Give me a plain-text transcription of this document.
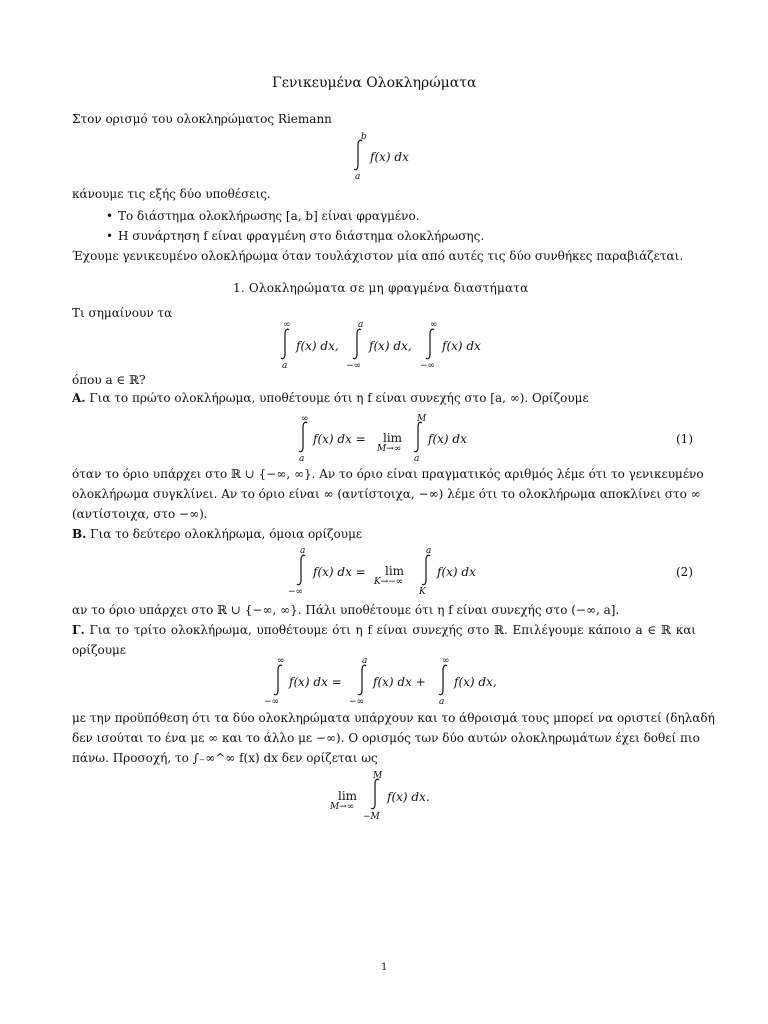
Γενικευμένα Ολοκληρώματα
Στον ορισμό του ολοκληρώματος Riemann
b
a
f(x) dx
κάνουμε τις εξής δύο υποθέσεις.
• Το διάστημα ολοκλήρωσης [a, b] είναι φραγμένο.
• Η συνάρτηση f είναι φραγμένη στο διάστημα ολοκλήρωσης.
Έχουμε γενικευμένο ολοκλήρωμα όταν τουλάχιστον μία από αυτές τις δύο συνθήκες παραβιάζεται.
1. Ολοκληρώματα σε μη φραγμένα διαστήματα
Τι σημαίνουν τα
∞
a
f(x) dx,
a
−∞
f(x) dx,
∞
−∞
f(x) dx
όπου a ∈ ℝ?
A. Για το πρώτο ολοκλήρωμα, υποθέτουμε ότι η f είναι συνεχής στο [a, ∞). Ορίζουμε
∞
a
f(x) dx = lim
M→∞
M
a
f(x) dx	(1)
όταν το όριο υπάρχει στο ℝ ∪ {−∞, ∞}. Αν το όριο είναι πραγματικός αριθμός λέμε ότι το γενικευμένο
ολοκλήρωμα συγκλίνει. Αν το όριο είναι ∞ (αντίστοιχα, −∞) λέμε ότι το ολοκλήρωμα αποκλίνει στο ∞
(αντίστοιχα, στο −∞).
B. Για το δεύτερο ολοκλήρωμα, όμοια ορίζουμε
a
−∞
f(x) dx = lim
K→−∞
a
K
f(x) dx	(2)
αν το όριο υπάρχει στο ℝ ∪ {−∞, ∞}. Πάλι υποθέτουμε ότι η f είναι συνεχής στο (−∞, a].
Γ. Για το τρίτο ολοκλήρωμα, υποθέτουμε ότι η f είναι συνεχής στο ℝ. Επιλέγουμε κάποιο a ∈ ℝ και
ορίζουμε
∞
−∞
f(x) dx =
a
−∞
f(x) dx +
∞
a
f(x) dx,
με την προϋπόθεση ότι τα δύο ολοκληρώματα υπάρχουν και το άθροισμά τους μπορεί να οριστεί (δηλαδή
δεν ισούται το ένα με ∞ και το άλλο με −∞). Ο ορισμός των δύο αυτών ολοκληρωμάτων έχει δοθεί πιο
πάνω. Προσοχή, το ∫₋∞^∞ f(x) dx δεν ορίζεται ως
lim
M→∞
M
−M
f(x) dx.
1
